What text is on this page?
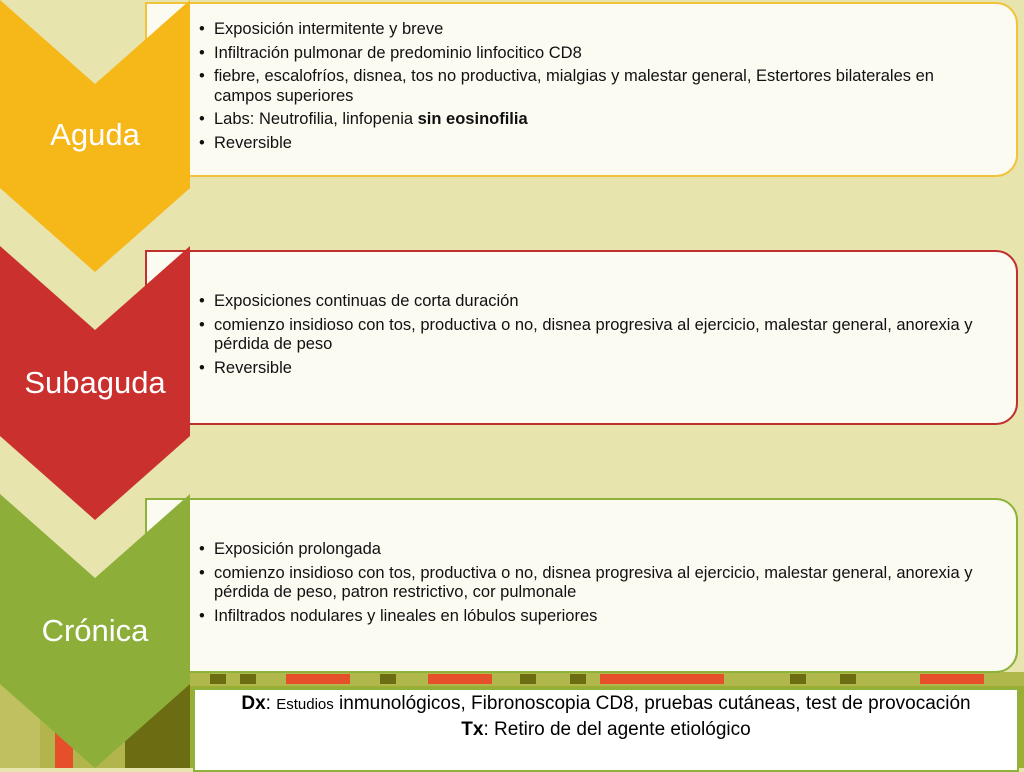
• Exposición intermitente y breve
• Infiltración pulmonar de predominio linfocitico CD8
• fiebre, escalofríos, disnea, tos no productiva, mialgias y malestar general, Estertores bilaterales en campos superiores
• Labs: Neutrofilia, linfopenia sin eosinofilia
• Reversible
• Exposiciones continuas de corta duración
• comienzo insidioso con tos, productiva o no, disnea progresiva al ejercicio, malestar general, anorexia y pérdida de peso
• Reversible
• Exposición prolongada
• comienzo insidioso con tos, productiva o no, disnea progresiva al ejercicio, malestar general, anorexia y pérdida de peso, patron restrictivo, cor pulmonale
• Infiltrados nodulares y lineales en lóbulos superiores
Aguda
Subaguda
Crónica
Dx: Estudios inmunológicos, Fibronoscopia CD8, pruebas cutáneas, test de provocación
Tx: Retiro de del agente etiológico
